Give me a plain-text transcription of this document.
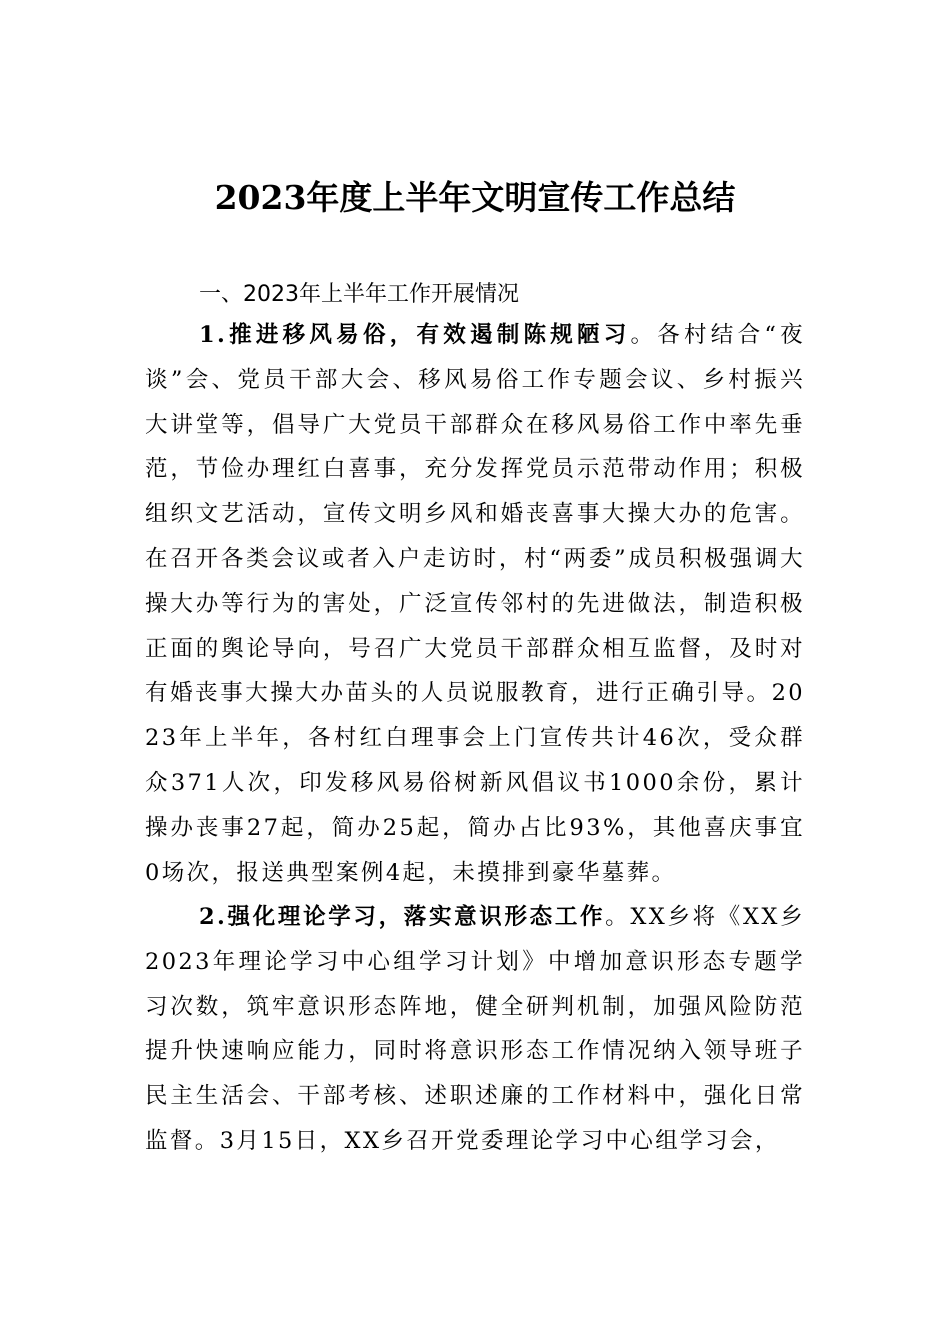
2023年度上半年文明宣传工作总结
一、2023年上半年工作开展情况

1.推进移风易俗，有效遏制陈规陋习。各村结合“夜谈”会、党员干部大会、移风易俗工作专题会议、乡村振兴大讲堂等，倡导广大党员干部群众在移风易俗工作中率先垂范，节俭办理红白喜事，充分发挥党员示范带动作用；积极组织文艺活动，宣传文明乡风和婚丧喜事大操大办的危害。在召开各类会议或者入户走访时，村“两委”成员积极强调大操大办等行为的害处，广泛宣传邻村的先进做法，制造积极正面的舆论导向，号召广大党员干部群众相互监督，及时对有婚丧事大操大办苗头的人员说服教育，进行正确引导。2023年上半年，各村红白理事会上门宣传共计46次，受众群众371人次，印发移风易俗树新风倡议书1000余份，累计操办丧事27起，简办25起，简办占比93%，其他喜庆事宜0场次，报送典型案例4起，未摸排到豪华墓葬。

2.强化理论学习，落实意识形态工作。XX乡将《XX乡2023年理论学习中心组学习计划》中增加意识形态专题学习次数，筑牢意识形态阵地，健全研判机制，加强风险防范提升快速响应能力，同时将意识形态工作情况纳入领导班子民主生活会、干部考核、述职述廉的工作材料中，强化日常监督。3月15日，XX乡召开党委理论学习中心组学习会，
